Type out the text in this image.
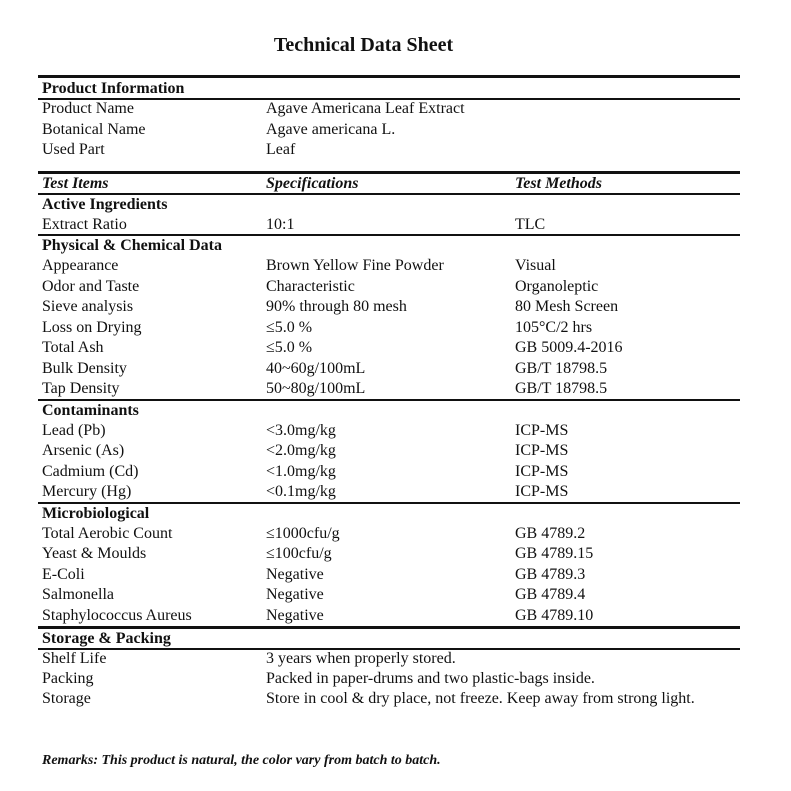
Technical Data Sheet
Product Information
Product Name	Agave Americana Leaf Extract
Botanical Name	Agave americana L.
Used Part	Leaf
Test Items	Specifications	Test Methods
Active Ingredients
Extract Ratio	10:1	TLC
Physical & Chemical Data
Appearance	Brown Yellow Fine Powder	Visual
Odor and Taste	Characteristic	Organoleptic
Sieve analysis	90% through 80 mesh	80 Mesh Screen
Loss on Drying	≤5.0 %	105°C/2 hrs
Total Ash	≤5.0 %	GB 5009.4-2016
Bulk Density	40~60g/100mL	GB/T 18798.5
Tap Density	50~80g/100mL	GB/T 18798.5
Contaminants
Lead (Pb)	<3.0mg/kg	ICP-MS
Arsenic (As)	<2.0mg/kg	ICP-MS
Cadmium (Cd)	<1.0mg/kg	ICP-MS
Mercury (Hg)	<0.1mg/kg	ICP-MS
Microbiological
Total Aerobic Count	≤1000cfu/g	GB 4789.2
Yeast & Moulds	≤100cfu/g	GB 4789.15
E-Coli	Negative	GB 4789.3
Salmonella	Negative	GB 4789.4
Staphylococcus Aureus	Negative	GB 4789.10
Storage & Packing
Shelf Life	3 years when properly stored.
Packing	Packed in paper-drums and two plastic-bags inside.
Storage	Store in cool & dry place, not freeze. Keep away from strong light.
Remarks: This product is natural, the color vary from batch to batch.
